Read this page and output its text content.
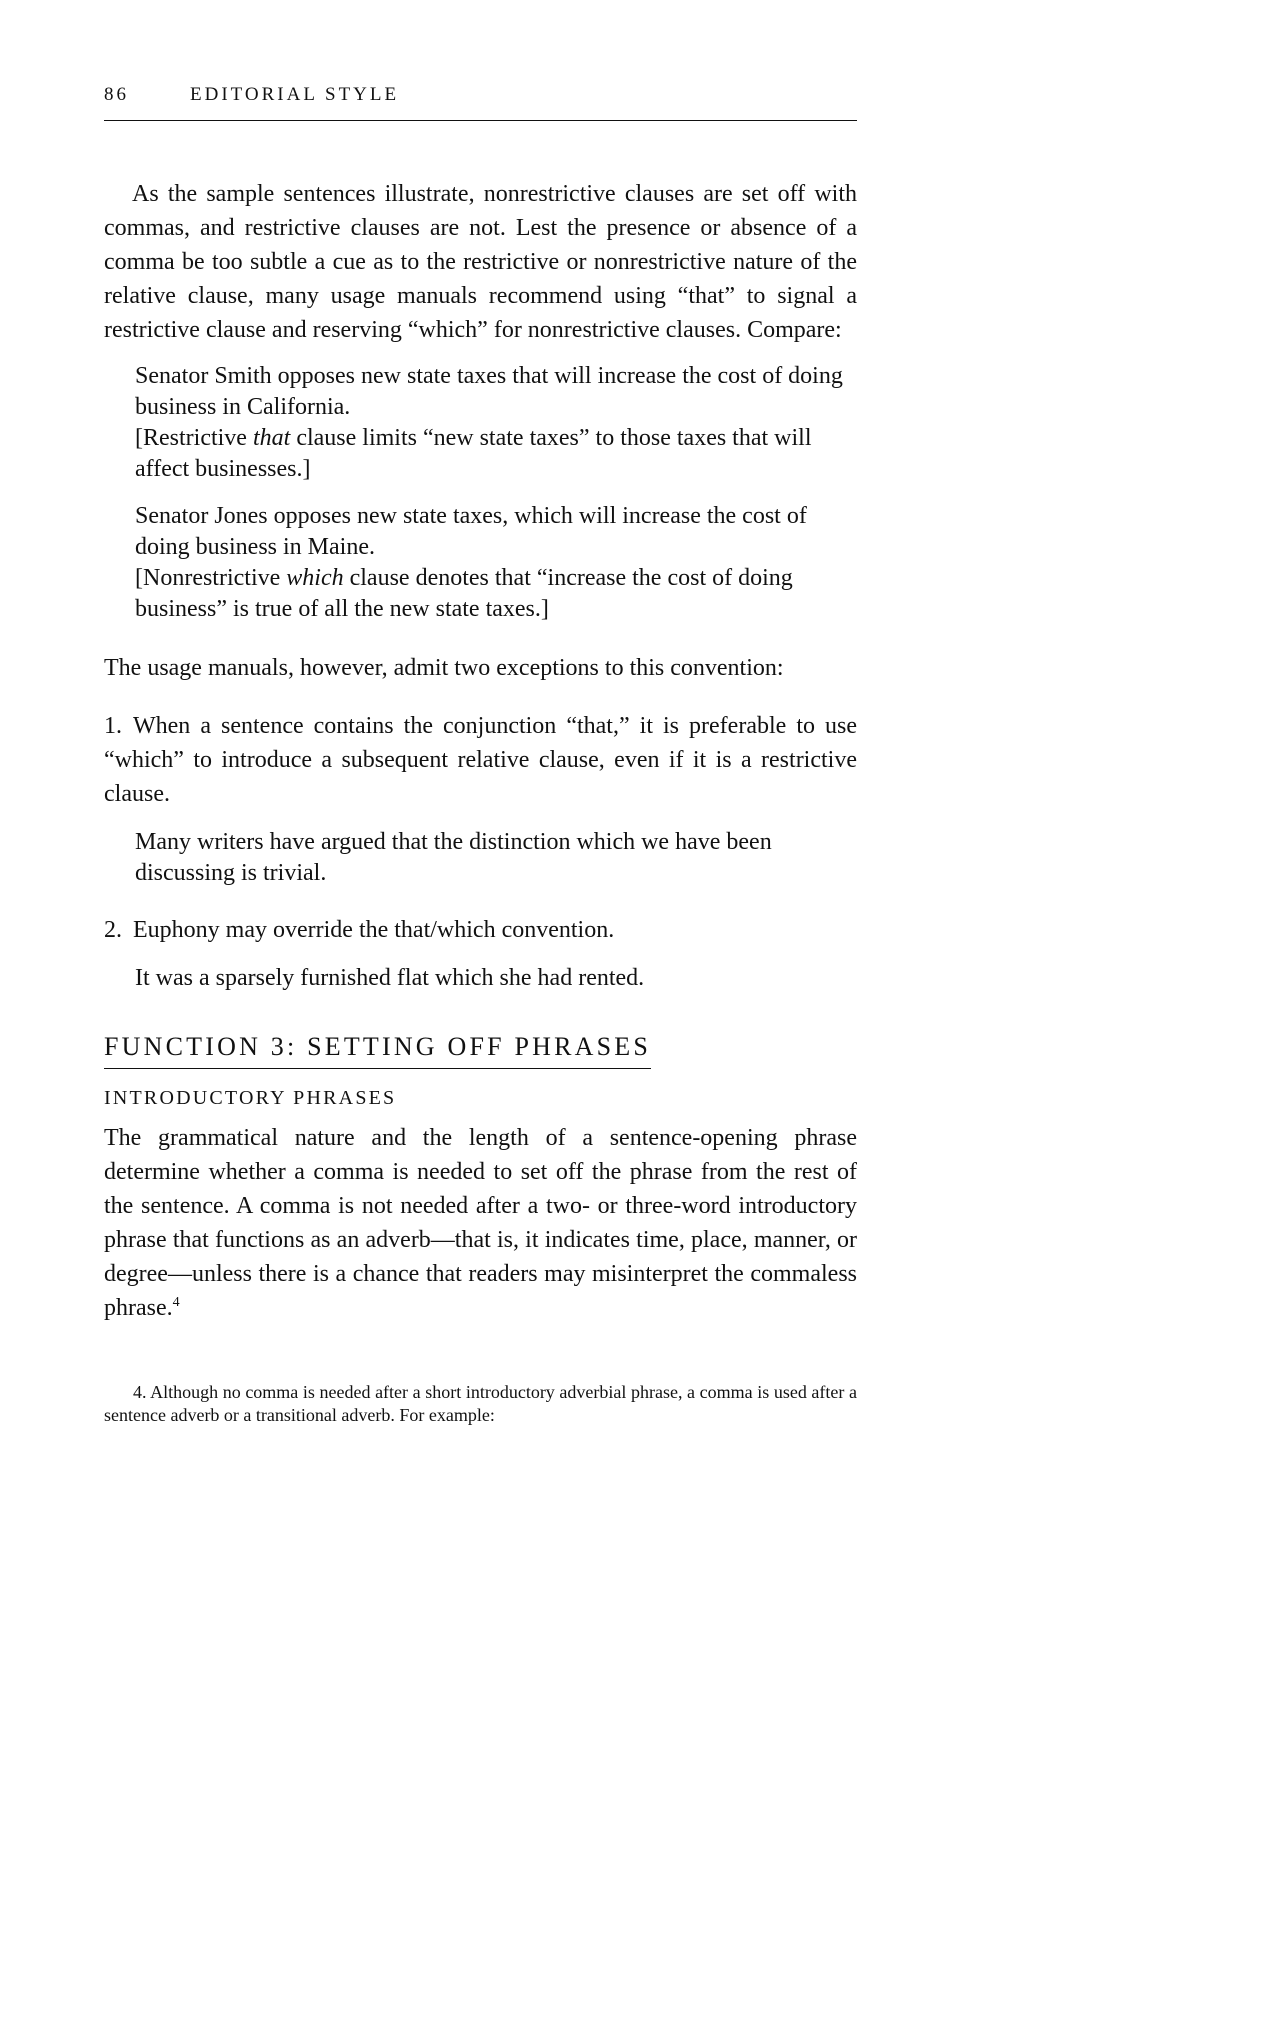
86	EDITORIAL STYLE

As the sample sentences illustrate, nonrestrictive clauses are set off with commas, and restrictive clauses are not. Lest the presence or absence of a comma be too subtle a cue as to the restrictive or nonrestrictive nature of the relative clause, many usage manuals recommend using “that” to signal a restrictive clause and reserving “which” for nonrestrictive clauses. Compare:

Senator Smith opposes new state taxes that will increase the cost of doing business in California.

[Restrictive that clause limits “new state taxes” to those taxes that will affect businesses.]

Senator Jones opposes new state taxes, which will increase the cost of doing business in Maine.

[Nonrestrictive which clause denotes that “increase the cost of doing business” is true of all the new state taxes.]

The usage manuals, however, admit two exceptions to this convention:

1. When a sentence contains the conjunction “that,” it is preferable to use “which” to introduce a subsequent relative clause, even if it is a restrictive clause.

Many writers have argued that the distinction which we have been discussing is trivial.

2. Euphony may override the that/which convention.

It was a sparsely furnished flat which she had rented.

FUNCTION 3: SETTING OFF PHRASES

INTRODUCTORY PHRASES

The grammatical nature and the length of a sentence-opening phrase determine whether a comma is needed to set off the phrase from the rest of the sentence. A comma is not needed after a two- or three-word introductory phrase that functions as an adverb—that is, it indicates time, place, manner, or degree—unless there is a chance that readers may misinterpret the commaless phrase.$^4$

4. Although no comma is needed after a short introductory adverbial phrase, a comma is used after a sentence adverb or a transitional adverb. For example:
